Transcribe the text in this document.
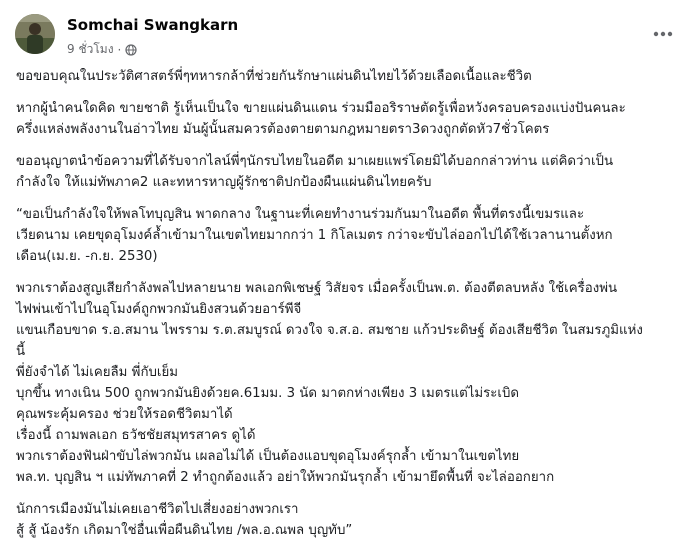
Somchai Swangkarn
9 ชั่วโมง ·

ขอขอบคุณในประวัติศาสตร์พี่ๆทหารกล้าที่ช่วยกันรักษาแผ่นดินไทยไว้ด้วยเลือดเนื้อและชีวิต

หากผู้นำคนใดคิด ขายชาติ รู้เห็นเป็นใจ ขายแผ่นดินแดน ร่วมมืออริราษตัดรู้เพื่อหวังครอบครองแบ่งปันคนละ
ครึ่งแหล่งพลังงานในอ่าวไทย มันผู้นั้นสมควรต้องตายตามกฎหมายตรา3ดวงถูกตัดหัว7ชั่วโคตร

ขออนุญาตนำข้อความที่ได้รับจากไลน์พี่ๆนักรบไทยในอดีต มาเผยแพร่โดยมิได้บอกกล่าวท่าน แต่คิดว่าเป็น
กำลังใจ ให้แม่ทัพภาค2 และทหารหาญผู้รักชาติปกป้องผืนแผ่นดินไทยครับ

“ขอเป็นกำลังใจให้พลโทบุญสิน พาดกลาง ในฐานะที่เคยทำงานร่วมกันมาในอดีต พื้นที่ตรงนี้เขมรและ
เวียดนาม เคยขุดอุโมงค์ล้ำเข้ามาในเขตไทยมากกว่า 1 กิโลเมตร กว่าจะขับไล่ออกไปได้ใช้เวลานานตั้งหก
เดือน(เม.ย. -ก.ย. 2530)

พวกเราต้องสูญเสียกำลังพลไปหลายนาย พลเอกพิเชษฐ์ วิสัยจร เมื่อครั้งเป็นพ.ต. ต้องตีตลบหลัง ใช้เครื่องพ่น
ไฟพ่นเข้าไปในอุโมงค์ถูกพวกมันยิงสวนด้วยอาร์พีจี
แขนเกือบขาด ร.อ.สมาน ไพรราม ร.ต.สมบูรณ์ ดวงใจ จ.ส.อ. สมชาย แก้วประดิษฐ์ ต้องเสียชีวิต ในสมรภูมิแห่ง
นี้
พี่ยังจำได้ ไม่เคยลืม พี่กับเย็ม
บุกขึ้น ทางเนิน 500 ถูกพวกมันยิงด้วยค.61มม. 3 นัด มาตกห่างเพียง 3 เมตรแต่ไม่ระเบิด
คุณพระคุ้มครอง ช่วยให้รอดชีวิตมาได้
เรื่องนี้ ถามพลเอก ธวัชชัยสมุทรสาคร ดูได้
พวกเราต้องฟันฝ่าขับไล่พวกมัน เผลอไม่ได้ เป็นต้องแอบขุดอุโมงค์รุกล้ำ เข้ามาในเขตไทย
พล.ท. บุญสิน ฯ แม่ทัพภาคที่ 2 ทำถูกต้องแล้ว อย่าให้พวกมันรุกล้ำ เข้ามายึดพื้นที่ จะไล่ออกยาก

นักการเมืองมันไม่เคยเอาชีวิตไปเสี่ยงอย่างพวกเรา
สู้ สู้ น้องรัก เกิดมาใช่อื่นเพื่อผืนดินไทย /พล.อ.ณพล บุญทับ”
